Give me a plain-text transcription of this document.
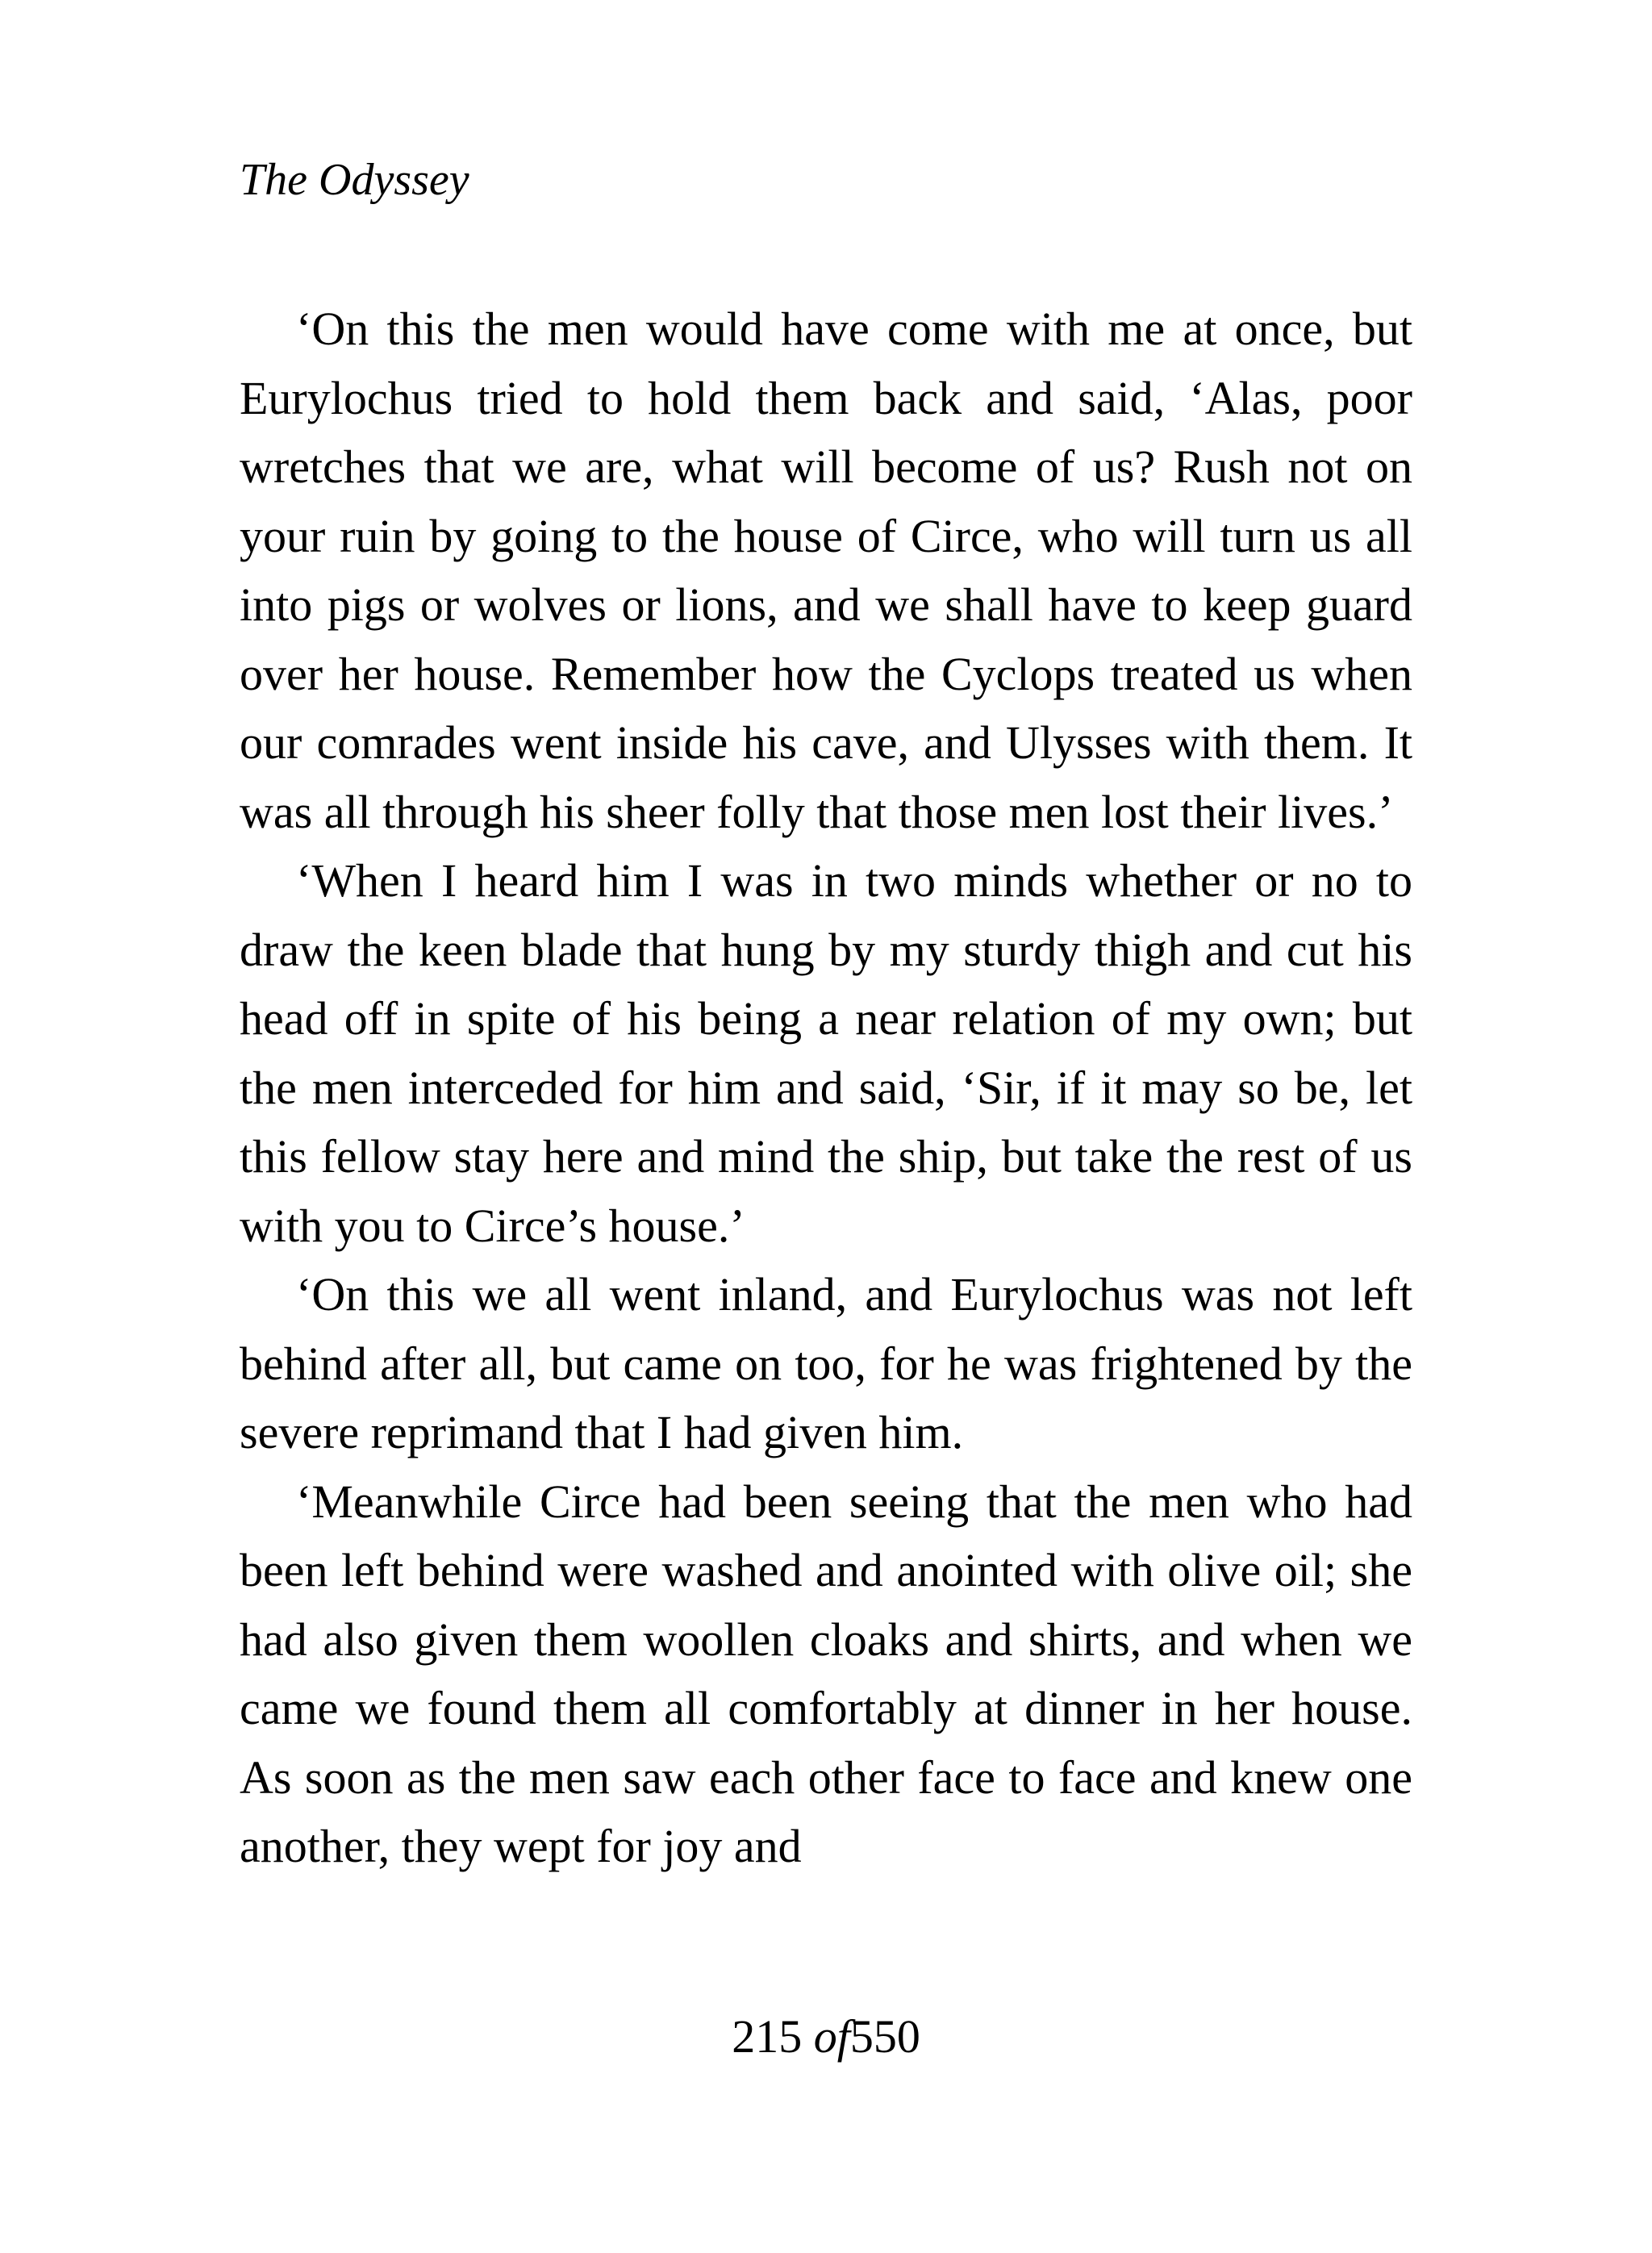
The Odyssey

‘On this the men would have come with me at once, but Eurylochus tried to hold them back and said, ‘Alas, poor wretches that we are, what will become of us? Rush not on your ruin by going to the house of Circe, who will turn us all into pigs or wolves or lions, and we shall have to keep guard over her house. Remember how the Cyclops treated us when our comrades went inside his cave, and Ulysses with them. It was all through his sheer folly that those men lost their lives.’

‘When I heard him I was in two minds whether or no to draw the keen blade that hung by my sturdy thigh and cut his head off in spite of his being a near relation of my own; but the men interceded for him and said, ‘Sir, if it may so be, let this fellow stay here and mind the ship, but take the rest of us with you to Circe’s house.’

‘On this we all went inland, and Eurylochus was not left behind after all, but came on too, for he was frightened by the severe reprimand that I had given him.

‘Meanwhile Circe had been seeing that the men who had been left behind were washed and anointed with olive oil; she had also given them woollen cloaks and shirts, and when we came we found them all comfortably at dinner in her house. As soon as the men saw each other face to face and knew one another, they wept for joy and

215 of550
